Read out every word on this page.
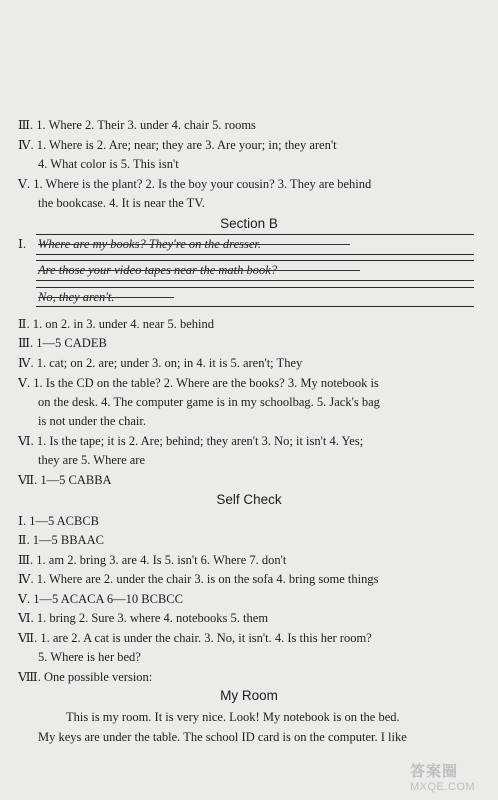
Ⅲ. 1. Where 2. Their 3. under 4. chair 5. rooms
Ⅳ. 1. Where is 2. Are; near; they are 3. Are your; in; they aren't
4. What color is 5. This isn't
Ⅴ. 1. Where is the plant? 2. Is the boy your cousin? 3. They are behind
the bookcase. 4. It is near the TV.
Section B
Ⅰ. Where are my books? They're on the dresser.
Are those your video tapes near the math book?
No, they aren't.
Ⅱ. 1. on 2. in 3. under 4. near 5. behind
Ⅲ. 1—5 CADEB
Ⅳ. 1. cat; on 2. are; under 3. on; in 4. it is 5. aren't; They
Ⅴ. 1. Is the CD on the table? 2. Where are the books? 3. My notebook is
on the desk. 4. The computer game is in my schoolbag. 5. Jack's bag
is not under the chair.
Ⅵ. 1. Is the tape; it is 2. Are; behind; they aren't 3. No; it isn't 4. Yes;
they are 5. Where are
Ⅶ. 1—5 CABBA
Self Check
Ⅰ. 1—5 ACBCB
Ⅱ. 1—5 BBAAC
Ⅲ. 1. am 2. bring 3. are 4. Is 5. isn't 6. Where 7. don't
Ⅳ. 1. Where are 2. under the chair 3. is on the sofa 4. bring some things
Ⅴ. 1—5 ACACA 6—10 BCBCC
Ⅵ. 1. bring 2. Sure 3. where 4. notebooks 5. them
Ⅶ. 1. are 2. A cat is under the chair. 3. No, it isn't. 4. Is this her room?
5. Where is her bed?
Ⅷ. One possible version:
My Room
This is my room. It is very nice. Look! My notebook is on the bed.
My keys are under the table. The school ID card is on the computer. I like
答案圈
MXQE.COM
